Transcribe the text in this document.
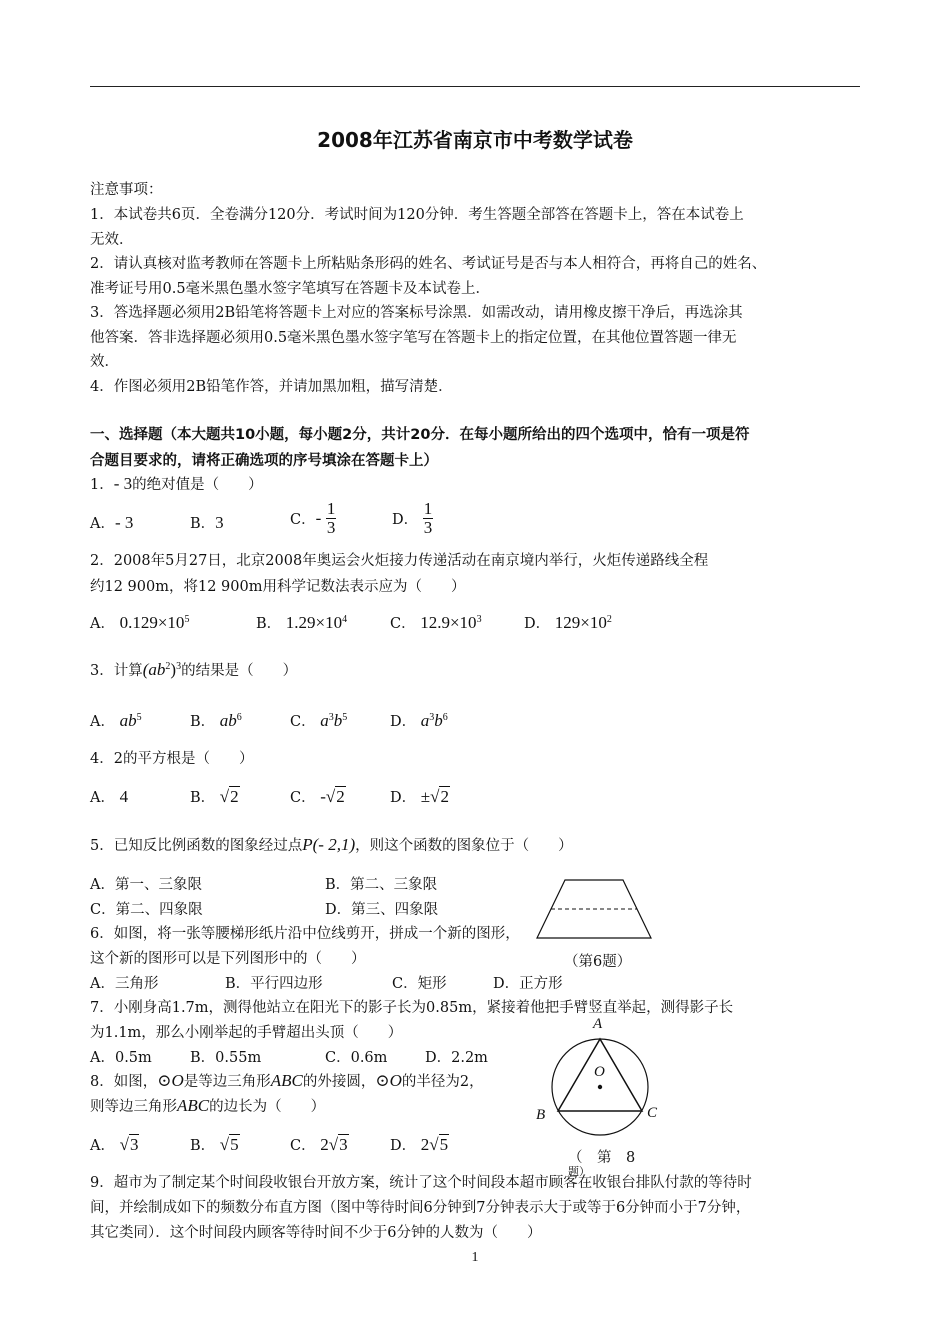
2008年江苏省南京市中考数学试卷
注意事项：
1．本试卷共6页．全卷满分120分．考试时间为120分钟．考生答题全部答在答题卡上，答在本试卷上
无效．
2．请认真核对监考教师在答题卡上所粘贴条形码的姓名、考试证号是否与本人相符合，再将自己的姓名、
准考证号用0.5毫米黑色墨水签字笔填写在答题卡及本试卷上．
3．答选择题必须用2B铅笔将答题卡上对应的答案标号涂黑．如需改动，请用橡皮擦干净后，再选涂其
他答案．答非选择题必须用0.5毫米黑色墨水签字笔写在答题卡上的指定位置，在其他位置答题一律无
效．
4．作图必须用2B铅笔作答，并请加黑加粗，描写清楚．
一、选择题（本大题共10小题，每小题2分，共计20分．在每小题所给出的四个选项中，恰有一项是符
合题目要求的，请将正确选项的序号填涂在答题卡上）
1．- 3的绝对值是（　　）
A．- 3	B．3	C．- $\frac{1}{3}$	D． $\frac{1}{3}$
2．2008年5月27日，北京2008年奥运会火炬接力传递活动在南京境内举行，火炬传递路线全程
约12 900m，将12 900m用科学记数法表示应为（　　）
A． $0.129\times 10^5$	B． $1.29\times 10^4$	C． $12.9\times 10^3$	D． $129\times 10^2$
3．计算$(ab^2)^3$的结果是（　　）
A． $ab^5$	B． $ab^6$	C． $a^3b^5$	D． $a^3b^6$
4．2的平方根是（　　）
A． 4	B． √2	C． -√2	D． ±√2
5．已知反比例函数的图象经过点P(- 2,1)，则这个函数的图象位于（　　）
A．第一、三象限	B．第二、三象限
C．第二、四象限	D．第三、四象限
6．如图，将一张等腰梯形纸片沿中位线剪开，拼成一个新的图形，
这个新的图形可以是下列图形中的（　　）
A．三角形	B．平行四边形	C．矩形	D．正方形
（第6题）
7．小刚身高1.7m，测得他站立在阳光下的影子长为0.85m，紧接着他把手臂竖直举起，测得影子长
为1.1m，那么小刚举起的手臂超出头顶（　　）
A．0.5m	B．0.55m	C．0.6m	D．2.2m
8．如图，⊙O是等边三角形ABC的外接圆，⊙O的半径为2，
则等边三角形ABC的边长为（　　）
A． √3	B． √5	C． 2√3	D． 2√5
A
O
B	C
（　第　8
题）
9．超市为了制定某个时间段收银台开放方案，统计了这个时间段本超市顾客在收银台排队付款的等待时
间，并绘制成如下的频数分布直方图（图中等待时间6分钟到7分钟表示大于或等于6分钟而小于7分钟，
其它类同）．这个时间段内顾客等待时间不少于6分钟的人数为（　　）
1
